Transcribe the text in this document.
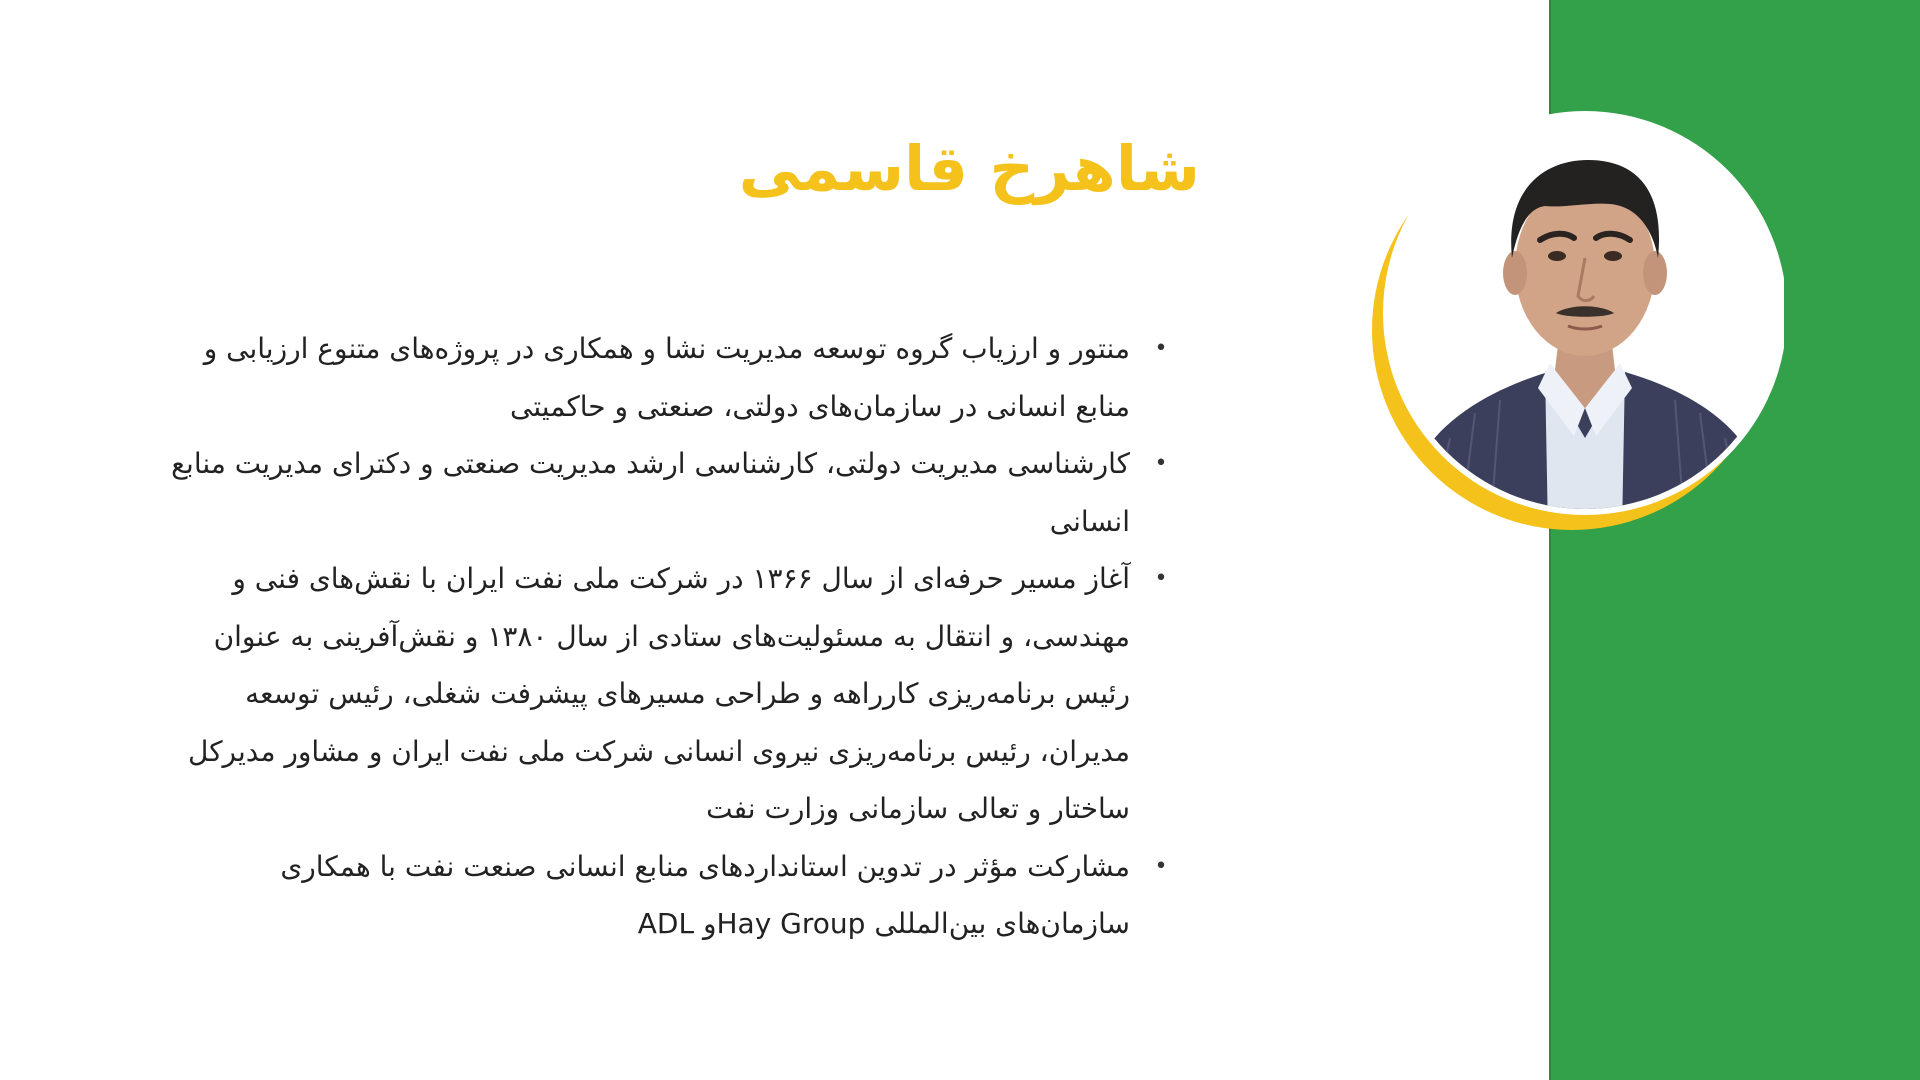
شاهرخ قاسمی
•
منتور و ارزیاب گروه توسعه مدیریت نشا و همکاری در پروژه‌های متنوع ارزیابی و منابع انسانی در سازمان‌های دولتی، صنعتی و حاکمیتی
•
کارشناسی مدیریت دولتی، کارشناسی ارشد مدیریت صنعتی و دکترای مدیریت منابع انسانی
•
آغاز مسیر حرفه‌ای از سال ۱۳۶۶ در شرکت ملی نفت ایران با نقش‌های فنی و مهندسی، و انتقال به مسئولیت‌های ستادی از سال ۱۳۸۰ و نقش‌آفرینی به عنوان رئیس برنامه‌ریزی کارراهه و طراحی مسیرهای پیشرفت شغلی، رئیس توسعه مدیران، رئیس برنامه‌ریزی نیروی انسانی شرکت ملی نفت ایران و مشاور مدیرکل ساختار و تعالی سازمانی وزارت نفت
•
مشارکت مؤثر در تدوین استانداردهای منابع انسانی صنعت نفت با همکاری سازمان‌های بین‌المللی Hay Groupو ADL
